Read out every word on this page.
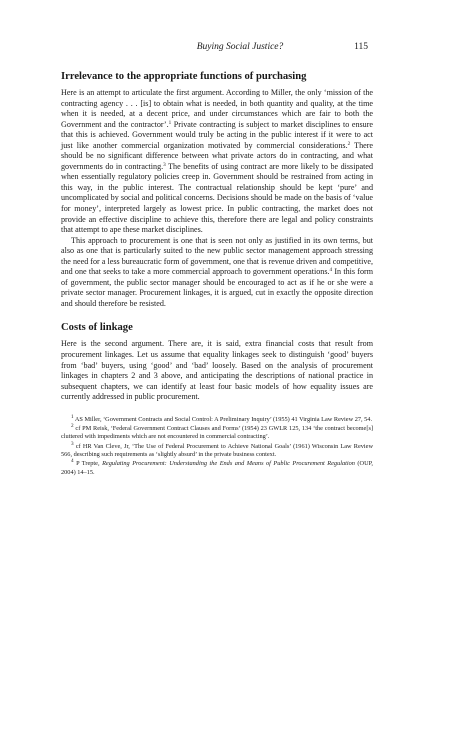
Buying Social Justice?	115
Irrelevance to the appropriate functions of purchasing

Here is an attempt to articulate the first argument. According to Miller, the only ‘mission of the contracting agency . . . [is] to obtain what is needed, in both quantity and quality, at the time when it is needed, at a decent price, and under circumstances which are fair to both the Government and the contractor’.$^1$ Private contracting is subject to market disciplines to ensure that this is achieved. Government would truly be acting in the public interest if it were to act just like another commercial organization motivated by commercial considerations.$^2$ There should be no significant difference between what private actors do in contracting, and what governments do in contracting.$^3$ The benefits of using contract are more likely to be dissipated when essentially regulatory policies creep in. Government should be restrained from acting in this way, in the public interest. The contractual relationship should be kept ‘pure’ and uncomplicated by social and political concerns. Decisions should be made on the basis of ‘value for money’, interpreted largely as lowest price. In public contracting, the market does not provide an effective discipline to achieve this, therefore there are legal and policy constraints that attempt to ape these market disciplines.

This approach to procurement is one that is seen not only as justified in its own terms, but also as one that is particularly suited to the new public sector management approach stressing the need for a less bureaucratic form of government, one that is revenue driven and competitive, and one that seeks to take a more commercial approach to government operations.$^4$ In this form of government, the public sector manager should be encouraged to act as if he or she were a private sector manager. Procurement linkages, it is argued, cut in exactly the opposite direction and should therefore be resisted.

Costs of linkage

Here is the second argument. There are, it is said, extra financial costs that result from procurement linkages. Let us assume that equality linkages seek to distinguish ‘good’ buyers from ‘bad’ buyers, using ‘good’ and ‘bad’ loosely. Based on the analysis of procurement linkages in chapters 2 and 3 above, and anticipating the descriptions of national practice in subsequent chapters, we can identify at least four basic models of how equality issues are currently addressed in public procurement.

$^1$ AS Miller, ‘Government Contracts and Social Control: A Preliminary Inquiry’ (1955) 41 Virginia Law Review 27, 54.

$^2$ cf PM Reisk, ‘Federal Government Contract Clauses and Forms’ (1954) 23 GWLR 125, 134 ‘the contract become[s] cluttered with impediments which are not encountered in commercial contracting’.

$^3$ cf HR Van Cleve, Jr, ‘The Use of Federal Procurement to Achieve National Goals’ (1961) Wisconsin Law Review 566, describing such requirements as ‘slightly absurd’ in the private business context.

$^4$ P Trepte, Regulating Procurement: Understanding the Ends and Means of Public Procurement Regulation (OUP, 2004) 14–15.
